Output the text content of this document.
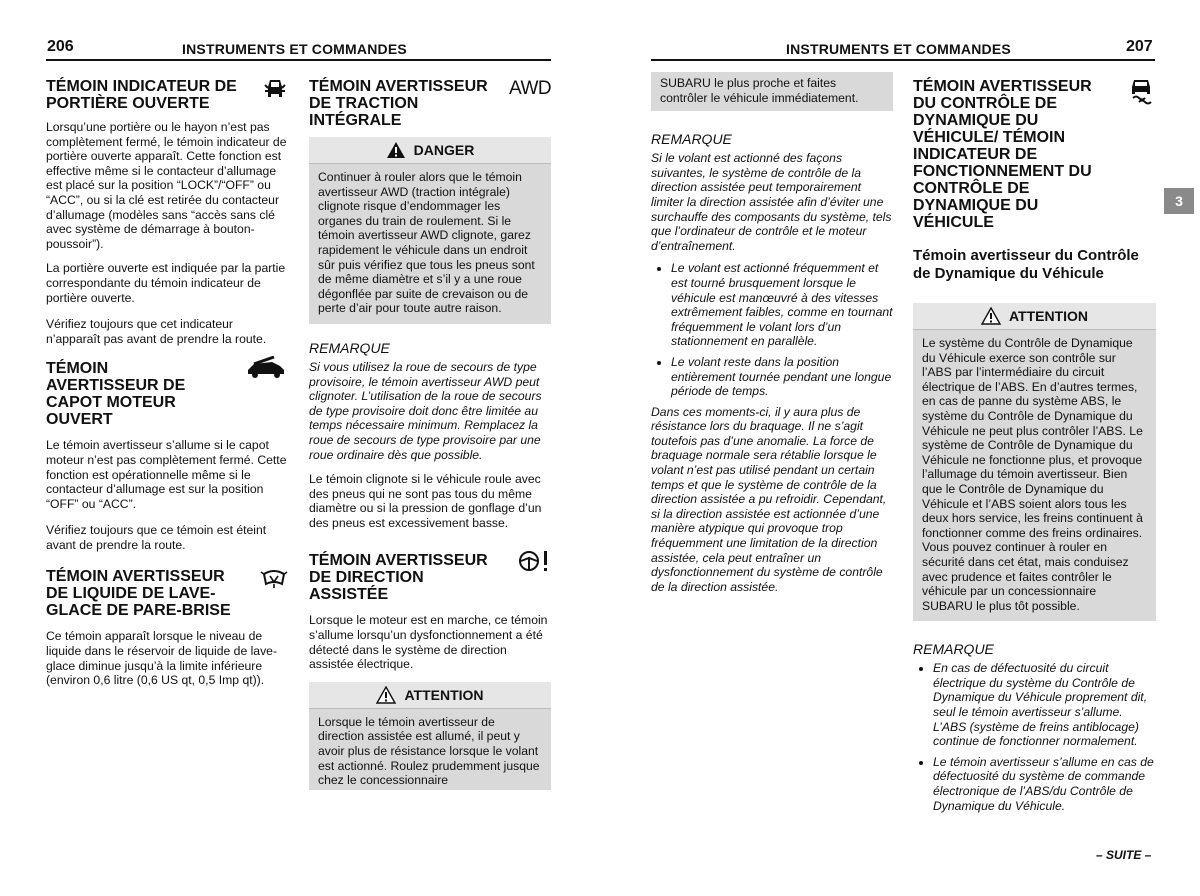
206	INSTRUMENTS ET COMMANDES	INSTRUMENTS ET COMMANDES	207
3
TÉMOIN INDICATEUR DE PORTIÈRE OUVERTE

Lorsqu’une portière ou le hayon n’est pas complètement fermé, le témoin indicateur de portière ouverte apparaît. Cette fonction est effective même si le contacteur d’allumage est placé sur la position “LOCK”/“OFF” ou “ACC”, ou si la clé est retirée du contacteur d’allumage (modèles sans “accès sans clé avec système de démarrage à bouton-poussoir”).

La portière ouverte est indiquée par la partie correspondante du témoin indicateur de portière ouverte.

Vérifiez toujours que cet indicateur n’apparaît pas avant de prendre la route.

TÉMOIN AVERTISSEUR DE CAPOT MOTEUR OUVERT

Le témoin avertisseur s’allume si le capot moteur n’est pas complètement fermé. Cette fonction est opérationnelle même si le contacteur d’allumage est sur la position “OFF” ou “ACC”.

Vérifiez toujours que ce témoin est éteint avant de prendre la route.

TÉMOIN AVERTISSEUR DE LIQUIDE DE LAVE-GLACE DE PARE-BRISE

Ce témoin apparaît lorsque le niveau de liquide dans le réservoir de liquide de lave-glace diminue jusqu’à la limite inférieure (environ 0,6 litre (0,6 US qt, 0,5 Imp qt)).

TÉMOIN AVERTISSEUR DE TRACTION INTÉGRALE
AWD
DANGER
Continuer à rouler alors que le témoin avertisseur AWD (traction intégrale) clignote risque d’endommager les organes du train de roulement. Si le témoin avertisseur AWD clignote, garez rapidement le véhicule dans un endroit sûr puis vérifiez que tous les pneus sont de même diamètre et s’il y a une roue dégonflée par suite de crevaison ou de perte d’air pour toute autre raison.
REMARQUE
Si vous utilisez la roue de secours de type provisoire, le témoin avertisseur AWD peut clignoter. L’utilisation de la roue de secours de type provisoire doit donc être limitée au temps nécessaire minimum. Remplacez la roue de secours de type provisoire par une roue ordinaire dès que possible.

Le témoin clignote si le véhicule roule avec des pneus qui ne sont pas tous du même diamètre ou si la pression de gonflage d’un des pneus est excessivement basse.

TÉMOIN AVERTISSEUR DE DIRECTION ASSISTÉE

Lorsque le moteur est en marche, ce témoin s’allume lorsqu’un dysfonctionnement a été détecté dans le système de direction assistée électrique.

ATTENTION
Lorsque le témoin avertisseur de direction assistée est allumé, il peut y avoir plus de résistance lorsque le volant est actionné. Roulez prudemment jusque chez le concessionnaire
SUBARU le plus proche et faites contrôler le véhicule immédiatement.
REMARQUE
Si le volant est actionné des façons suivantes, le système de contrôle de la direction assistée peut temporairement limiter la direction assistée afin d’éviter une surchauffe des composants du système, tels que l’ordinateur de contrôle et le moteur d’entraînement.
• Le volant est actionné fréquemment et est tourné brusquement lorsque le véhicule est manœuvré à des vitesses extrêmement faibles, comme en tournant fréquemment le volant lors d’un stationnement en parallèle.
• Le volant reste dans la position entièrement tournée pendant une longue période de temps.
Dans ces moments-ci, il y aura plus de résistance lors du braquage. Il ne s’agit toutefois pas d’une anomalie. La force de braquage normale sera rétablie lorsque le volant n’est pas utilisé pendant un certain temps et que le système de contrôle de la direction assistée a pu refroidir. Cependant, si la direction assistée est actionnée d’une manière atypique qui provoque trop fréquemment une limitation de la direction assistée, cela peut entraîner un dysfonctionnement du système de contrôle de la direction assistée.
TÉMOIN AVERTISSEUR DU CONTRÔLE DE DYNAMIQUE DU VÉHICULE/ TÉMOIN INDICATEUR DE FONCTIONNEMENT DU CONTRÔLE DE DYNAMIQUE DU VÉHICULE
Témoin avertisseur du Contrôle de Dynamique du Véhicule
ATTENTION
Le système du Contrôle de Dynamique du Véhicule exerce son contrôle sur l’ABS par l’intermédiaire du circuit électrique de l’ABS. En d’autres termes, en cas de panne du système ABS, le système du Contrôle de Dynamique du Véhicule ne peut plus contrôler l’ABS. Le système de Contrôle de Dynamique du Véhicule ne fonctionne plus, et provoque l’allumage du témoin avertisseur. Bien que le Contrôle de Dynamique du Véhicule et l’ABS soient alors tous les deux hors service, les freins continuent à fonctionner comme des freins ordinaires. Vous pouvez continuer à rouler en sécurité dans cet état, mais conduisez avec prudence et faites contrôler le véhicule par un concessionnaire SUBARU le plus tôt possible.
REMARQUE
• En cas de défectuosité du circuit électrique du système du Contrôle de Dynamique du Véhicule proprement dit, seul le témoin avertisseur s’allume. L’ABS (système de freins antiblocage) continue de fonctionner normalement.
• Le témoin avertisseur s’allume en cas de défectuosité du système de commande électronique de l’ABS/du Contrôle de Dynamique du Véhicule.
– SUITE –
